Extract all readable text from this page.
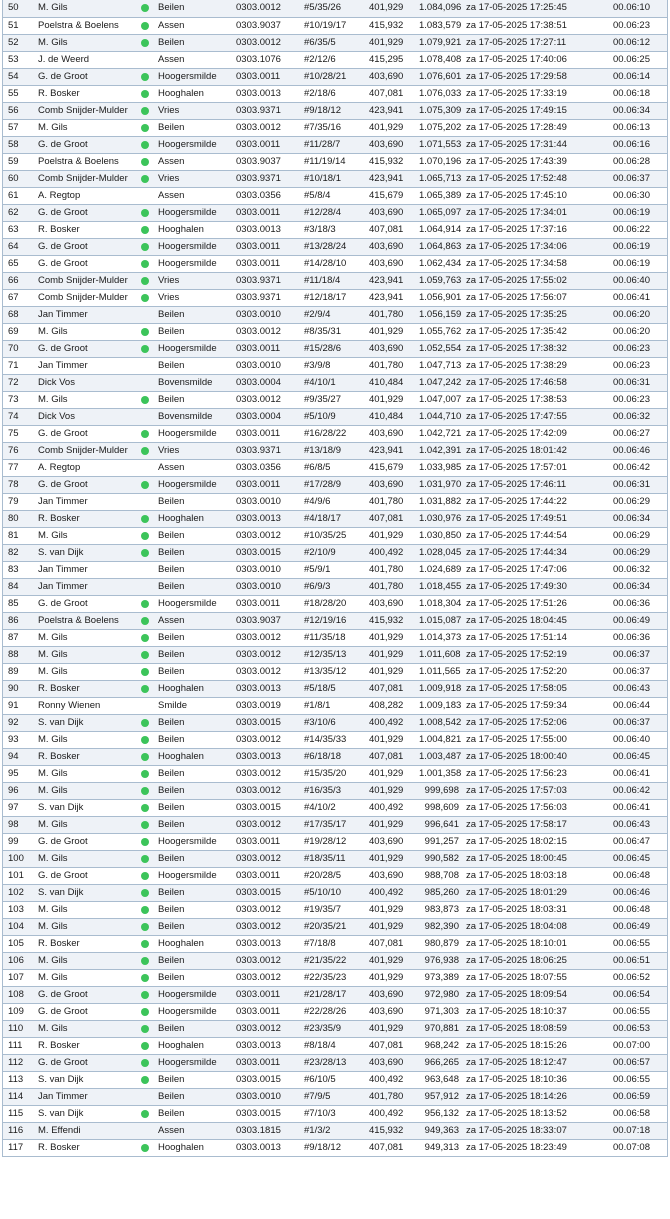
50 M. Gils	Beilen	0303.0012 #5/35/26	401,929 1.084,096 za 17-05-2025 17:25:45	00.06:10
51 Poelstra & Boelens	Assen	0303.9037 #10/19/17 415,932 1.083,579 za 17-05-2025 17:38:51	00.06:23
52 M. Gils	Beilen	0303.0012 #6/35/5	401,929 1.079,921 za 17-05-2025 17:27:11	00.06:12
53 J. de Weerd	Assen	0303.1076 #2/12/6	415,295 1.078,408 za 17-05-2025 17:40:06	00.06:25
54 G. de Groot	Hoogersmilde 0303.0011	#10/28/21 403,690 1.076,601 za 17-05-2025 17:29:58	00.06:14
55 R. Bosker	Hooghalen	0303.0013 #2/18/6	407,081 1.076,033 za 17-05-2025 17:33:19	00.06:18
56 Comb Snijder-Mulder	Vries	0303.9371 #9/18/12	423,941 1.075,309 za 17-05-2025 17:49:15	00.06:34
57 M. Gils	Beilen	0303.0012 #7/35/16	401,929 1.075,202 za 17-05-2025 17:28:49	00.06:13
58 G. de Groot	Hoogersmilde 0303.0011	#11/28/7	403,690 1.071,553 za 17-05-2025 17:31:44	00.06:16
59 Poelstra & Boelens	Assen	0303.9037 #11/19/14 415,932 1.070,196 za 17-05-2025 17:43:39	00.06:28
60 Comb Snijder-Mulder	Vries	0303.9371 #10/18/1	423,941 1.065,713 za 17-05-2025 17:52:48	00.06:37
61 A. Regtop	Assen	0303.0356 #5/8/4	415,679 1.065,389 za 17-05-2025 17:45:10	00.06:30
62 G. de Groot	Hoogersmilde 0303.0011	#12/28/4	403,690 1.065,097 za 17-05-2025 17:34:01	00.06:19
63 R. Bosker	Hooghalen	0303.0013 #3/18/3	407,081 1.064,914 za 17-05-2025 17:37:16	00.06:22
64 G. de Groot	Hoogersmilde 0303.0011	#13/28/24 403,690 1.064,863 za 17-05-2025 17:34:06	00.06:19
65 G. de Groot	Hoogersmilde 0303.0011	#14/28/10 403,690 1.062,434 za 17-05-2025 17:34:58	00.06:19
66 Comb Snijder-Mulder	Vries	0303.9371 #11/18/4	423,941 1.059,763 za 17-05-2025 17:55:02	00.06:40
67 Comb Snijder-Mulder	Vries	0303.9371 #12/18/17 423,941 1.056,901 za 17-05-2025 17:56:07	00.06:41
68 Jan Timmer	Beilen	0303.0010 #2/9/4	401,780 1.056,159 za 17-05-2025 17:35:25	00.06:20
69 M. Gils	Beilen	0303.0012 #8/35/31	401,929 1.055,762 za 17-05-2025 17:35:42	00.06:20
70 G. de Groot	Hoogersmilde 0303.0011	#15/28/6	403,690 1.052,554 za 17-05-2025 17:38:32	00.06:23
71 Jan Timmer	Beilen	0303.0010 #3/9/8	401,780 1.047,713 za 17-05-2025 17:38:29	00.06:23
72 Dick Vos	Bovensmilde 0303.0004 #4/10/1	410,484 1.047,242 za 17-05-2025 17:46:58	00.06:31
73 M. Gils	Beilen	0303.0012 #9/35/27	401,929 1.047,007 za 17-05-2025 17:38:53	00.06:23
74 Dick Vos	Bovensmilde 0303.0004 #5/10/9	410,484 1.044,710 za 17-05-2025 17:47:55	00.06:32
75 G. de Groot	Hoogersmilde 0303.0011	#16/28/22 403,690 1.042,721 za 17-05-2025 17:42:09	00.06:27
76 Comb Snijder-Mulder	Vries	0303.9371 #13/18/9	423,941 1.042,391 za 17-05-2025 18:01:42	00.06:46
77 A. Regtop	Assen	0303.0356 #6/8/5	415,679 1.033,985 za 17-05-2025 17:57:01	00.06:42
78 G. de Groot	Hoogersmilde 0303.0011	#17/28/9	403,690 1.031,970 za 17-05-2025 17:46:11	00.06:31
79 Jan Timmer	Beilen	0303.0010 #4/9/6	401,780 1.031,882 za 17-05-2025 17:44:22	00.06:29
80 R. Bosker	Hooghalen	0303.0013 #4/18/17	407,081 1.030,976 za 17-05-2025 17:49:51	00.06:34
81 M. Gils	Beilen	0303.0012 #10/35/25 401,929 1.030,850 za 17-05-2025 17:44:54	00.06:29
82 S. van Dijk	Beilen	0303.0015 #2/10/9	400,492 1.028,045 za 17-05-2025 17:44:34	00.06:29
83 Jan Timmer	Beilen	0303.0010 #5/9/1	401,780 1.024,689 za 17-05-2025 17:47:06	00.06:32
84 Jan Timmer	Beilen	0303.0010 #6/9/3	401,780 1.018,455 za 17-05-2025 17:49:30	00.06:34
85 G. de Groot	Hoogersmilde 0303.0011	#18/28/20 403,690 1.018,304 za 17-05-2025 17:51:26	00.06:36
86 Poelstra & Boelens	Assen	0303.9037 #12/19/16 415,932 1.015,087 za 17-05-2025 18:04:45	00.06:49
87 M. Gils	Beilen	0303.0012 #11/35/18 401,929 1.014,373 za 17-05-2025 17:51:14	00.06:36
88 M. Gils	Beilen	0303.0012 #12/35/13 401,929 1.011,608 za 17-05-2025 17:52:19	00.06:37
89 M. Gils	Beilen	0303.0012 #13/35/12 401,929 1.011,565 za 17-05-2025 17:52:20	00.06:37
90 R. Bosker	Hooghalen	0303.0013 #5/18/5	407,081 1.009,918 za 17-05-2025 17:58:05	00.06:43
91 Ronny Wienen	Smilde	0303.0019 #1/8/1	408,282 1.009,183 za 17-05-2025 17:59:34	00.06:44
92 S. van Dijk	Beilen	0303.0015 #3/10/6	400,492 1.008,542 za 17-05-2025 17:52:06	00.06:37
93 M. Gils	Beilen	0303.0012 #14/35/33 401,929 1.004,821 za 17-05-2025 17:55:00	00.06:40
94 R. Bosker	Hooghalen	0303.0013 #6/18/18	407,081 1.003,487 za 17-05-2025 18:00:40	00.06:45
95 M. Gils	Beilen	0303.0012 #15/35/20 401,929 1.001,358 za 17-05-2025 17:56:23	00.06:41
96 M. Gils	Beilen	0303.0012 #16/35/3	401,929	999,698 za 17-05-2025 17:57:03	00.06:42
97 S. van Dijk	Beilen	0303.0015 #4/10/2	400,492	998,609 za 17-05-2025 17:56:03	00.06:41
98 M. Gils	Beilen	0303.0012 #17/35/17 401,929	996,641 za 17-05-2025 17:58:17	00.06:43
99 G. de Groot	Hoogersmilde 0303.0011	#19/28/12 403,690	991,257 za 17-05-2025 18:02:15	00.06:47
100 M. Gils	Beilen	0303.0012 #18/35/11 401,929	990,582 za 17-05-2025 18:00:45	00.06:45
101 G. de Groot	Hoogersmilde 0303.0011	#20/28/5	403,690	988,708 za 17-05-2025 18:03:18	00.06:48
102 S. van Dijk	Beilen	0303.0015 #5/10/10	400,492	985,260 za 17-05-2025 18:01:29	00.06:46
103 M. Gils	Beilen	0303.0012 #19/35/7	401,929	983,873 za 17-05-2025 18:03:31	00.06:48
104 M. Gils	Beilen	0303.0012 #20/35/21 401,929	982,390 za 17-05-2025 18:04:08	00.06:49
105 R. Bosker	Hooghalen	0303.0013 #7/18/8	407,081	980,879 za 17-05-2025 18:10:01	00.06:55
106 M. Gils	Beilen	0303.0012 #21/35/22 401,929	976,938 za 17-05-2025 18:06:25	00.06:51
107 M. Gils	Beilen	0303.0012 #22/35/23 401,929	973,389 za 17-05-2025 18:07:55	00.06:52
108 G. de Groot	Hoogersmilde 0303.0011	#21/28/17 403,690	972,980 za 17-05-2025 18:09:54	00.06:54
109 G. de Groot	Hoogersmilde 0303.0011	#22/28/26 403,690	971,303 za 17-05-2025 18:10:37	00.06:55
110 M. Gils	Beilen	0303.0012 #23/35/9	401,929	970,881 za 17-05-2025 18:08:59	00.06:53
111 R. Bosker	Hooghalen	0303.0013 #8/18/4	407,081	968,242 za 17-05-2025 18:15:26	00.07:00
112 G. de Groot	Hoogersmilde 0303.0011	#23/28/13 403,690	966,265 za 17-05-2025 18:12:47	00.06:57
113 S. van Dijk	Beilen	0303.0015 #6/10/5	400,492	963,648 za 17-05-2025 18:10:36	00.06:55
114 Jan Timmer	Beilen	0303.0010 #7/9/5	401,780	957,912 za 17-05-2025 18:14:26	00.06:59
115 S. van Dijk	Beilen	0303.0015 #7/10/3	400,492	956,132 za 17-05-2025 18:13:52	00.06:58
116 M. Effendi	Assen	0303.1815 #1/3/2	415,932	949,363 za 17-05-2025 18:33:07	00.07:18
117 R. Bosker	Hooghalen	0303.0013 #9/18/12	407,081	949,313 za 17-05-2025 18:23:49	00.07:08
